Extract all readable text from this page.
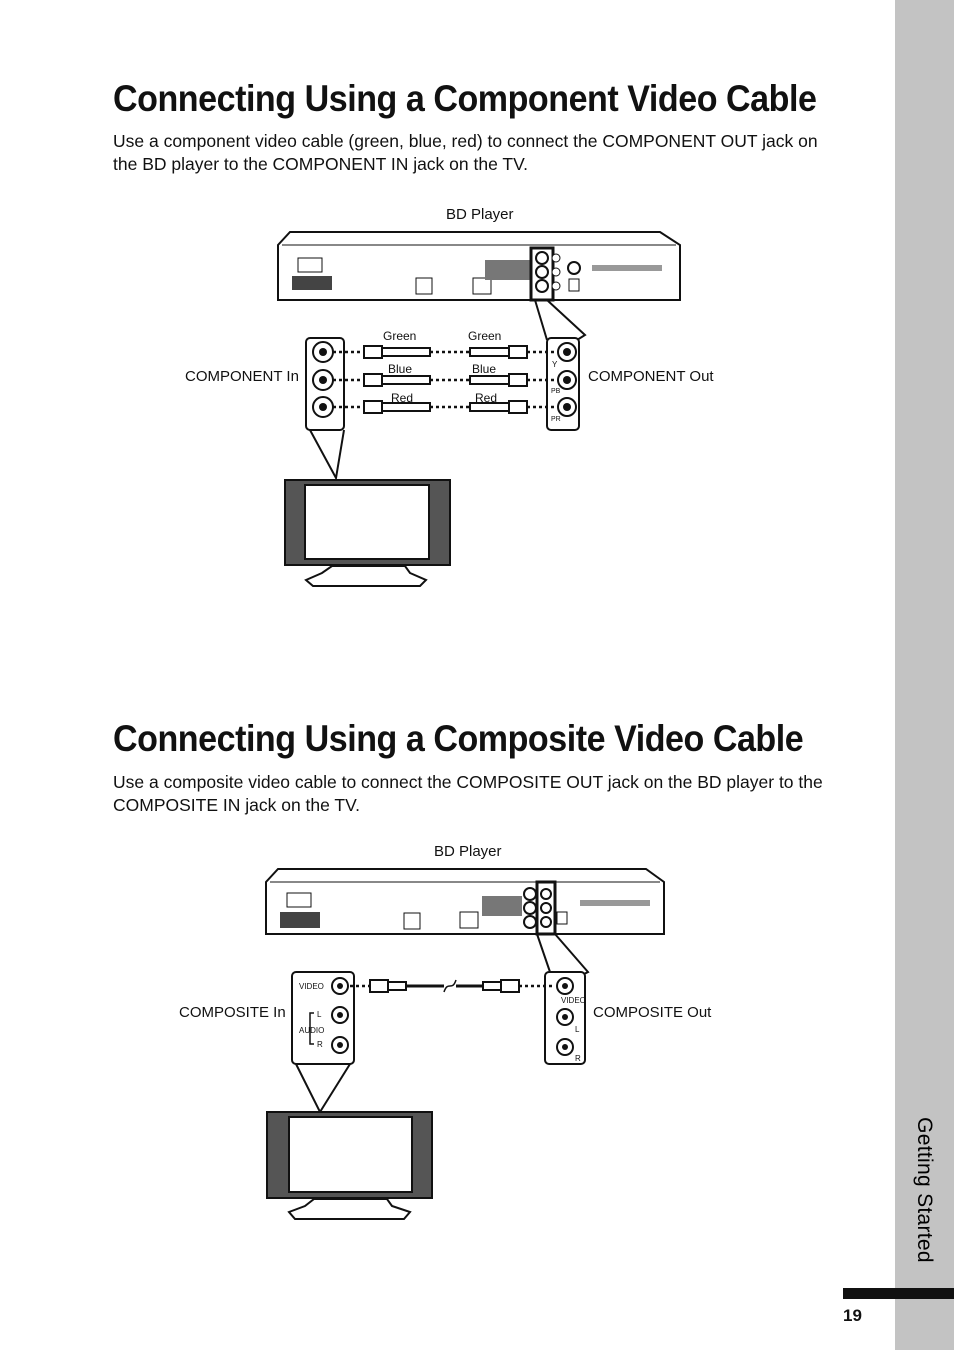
Getting Started
19
Connecting Using a Component Video Cable

Use a component video cable (green, blue, red) to connect the COMPONENT OUT jack on the BD player to the COMPONENT IN jack on the TV.

BD Player
COMPONENT In	COMPONENT Out
Green
Blue
Red
Green
Blue
Red
Y
PB
PR
Connecting Using a Composite Video Cable

Use a composite video cable to connect the COMPOSITE OUT jack on the BD player to the COMPOSITE IN jack on the TV.

BD Player
COMPOSITE In	COMPOSITE Out
VIDEO
L
AUDIO
R
VIDEO
L
R
